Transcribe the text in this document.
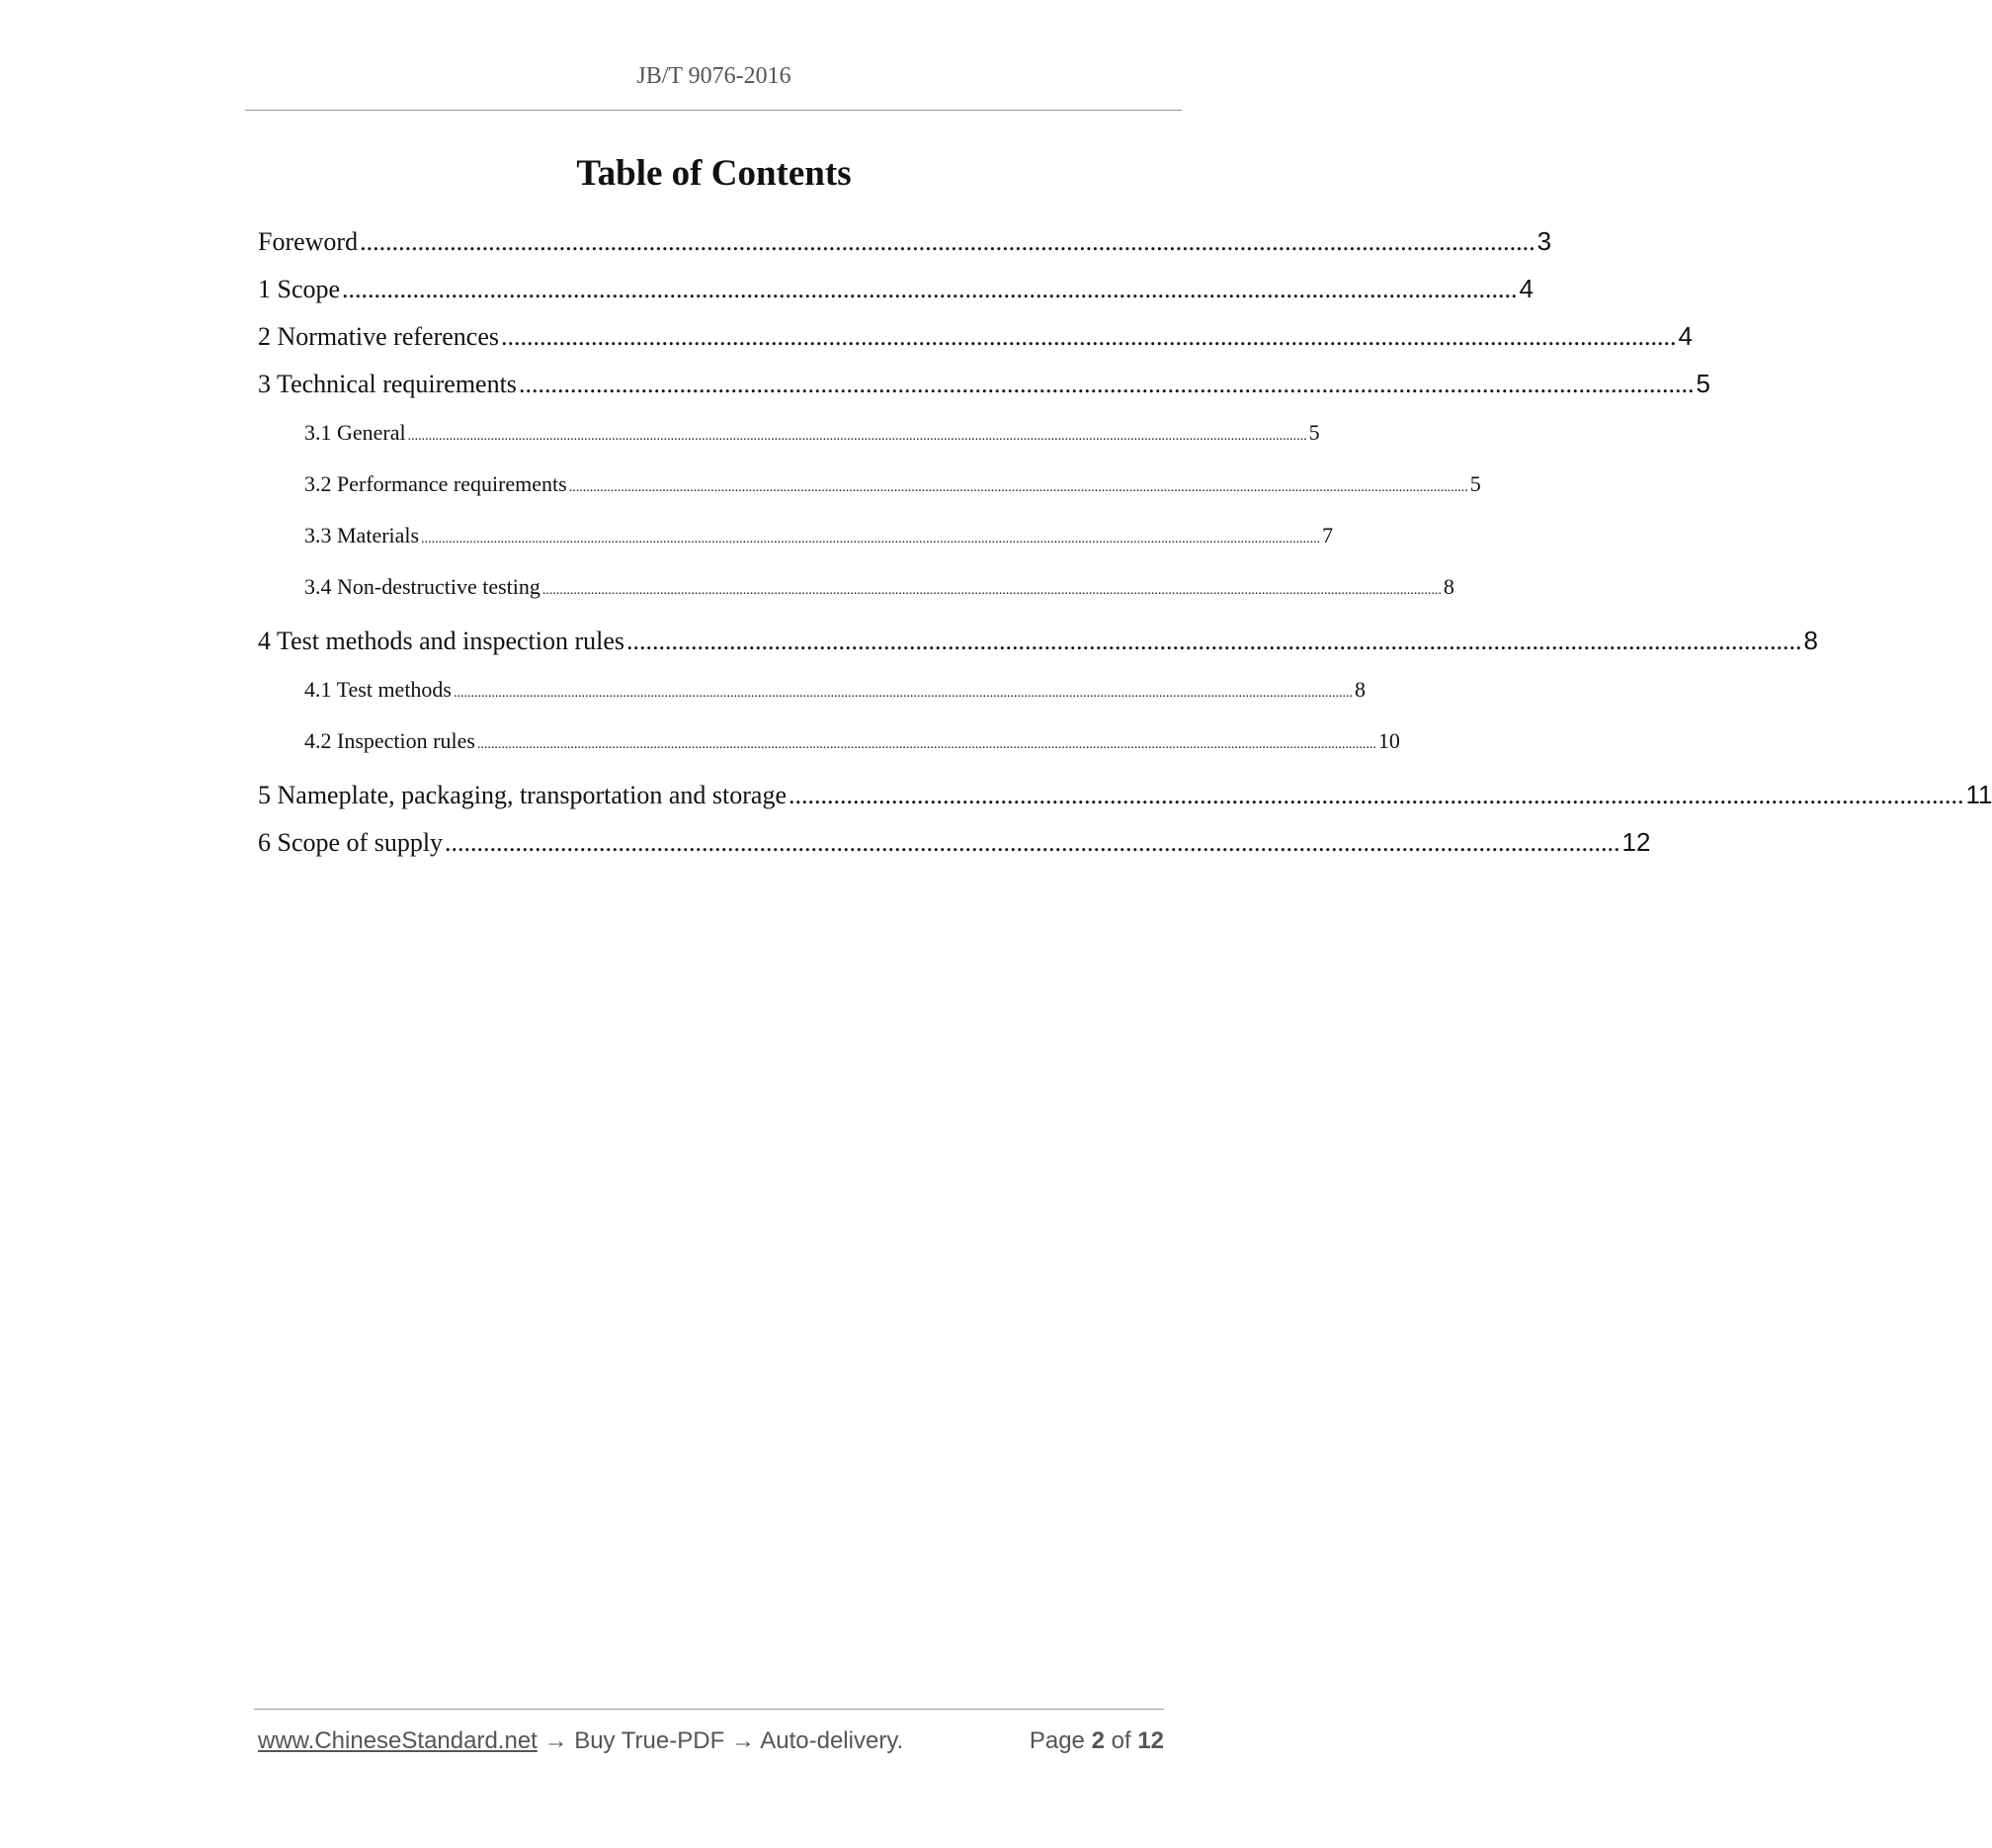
JB/T 9076-2016
Table of Contents
Foreword ....................................................................................................................................................................................... 3
1 Scope ....................................................................................................................................................................................... 4
2 Normative references ....................................................................................................................................................................................... 4
3 Technical requirements ....................................................................................................................................................................................... 5
3.1 General .................................................................................................................................................................................................................................................................... 5
3.2 Performance requirements .................................................................................................................................................................................................................................................................... 5
3.3 Materials .................................................................................................................................................................................................................................................................... 7
3.4 Non-destructive testing .................................................................................................................................................................................................................................................................... 8
4 Test methods and inspection rules ....................................................................................................................................................................................... 8
4.1 Test methods .................................................................................................................................................................................................................................................................... 8
4.2 Inspection rules .................................................................................................................................................................................................................................................................... 10
5 Nameplate, packaging, transportation and storage ....................................................................................................................................................................................... 11
6 Scope of supply ....................................................................................................................................................................................... 12
www.ChineseStandard.net → Buy True-PDF → Auto-delivery.	Page 2 of 12
